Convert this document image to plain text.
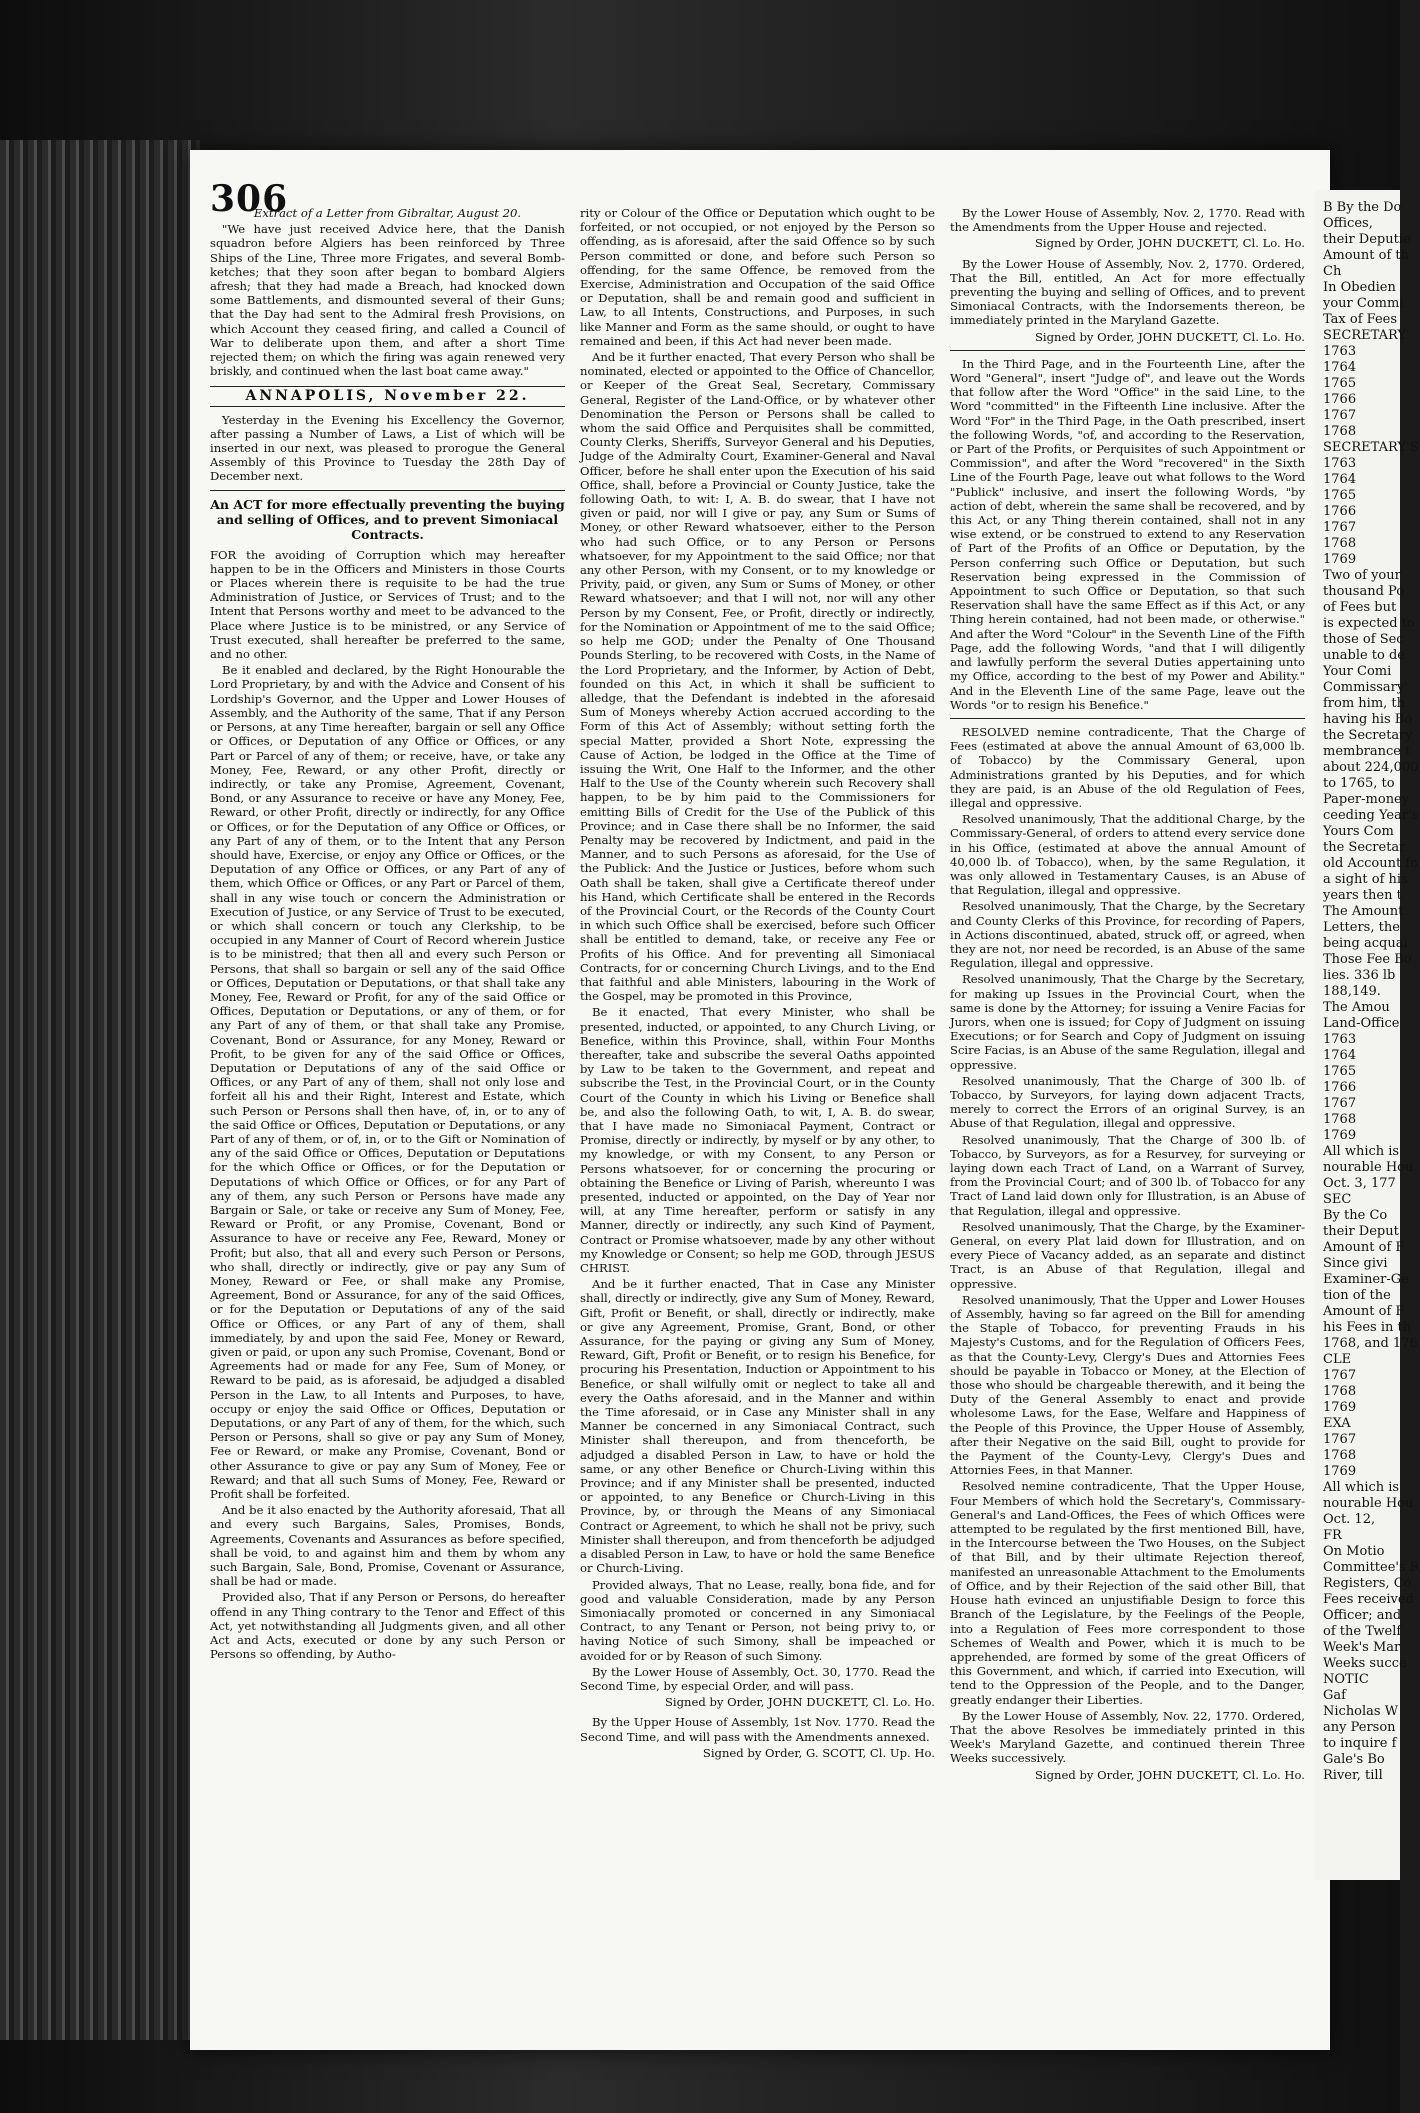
306

Extract of a Letter from Gibraltar, August 20.

"We have just received Advice here, that the Danish squadron before Algiers has been reinforced by Three Ships of the Line, Three more Frigates, and several Bomb-ketches; that they soon after began to bombard Algiers afresh; that they had made a Breach, had knocked down some Battlements, and dismounted several of their Guns; that the Day had sent to the Admiral fresh Provisions, on which Account they ceased firing, and called a Council of War to deliberate upon them, and after a short Time rejected them; on which the firing was again renewed very briskly, and continued when the last boat came away."

ANNAPOLIS, November 22.

Yesterday in the Evening his Excellency the Governor, after passing a Number of Laws, a List of which will be inserted in our next, was pleased to prorogue the General Assembly of this Province to Tuesday the 28th Day of December next.

An ACT for more effectually preventing the buying and selling of Offices, and to prevent Simoniacal Contracts.

FOR the avoiding of Corruption which may hereafter happen to be in the Officers and Ministers in those Courts or Places wherein there is requisite to be had the true Administration of Justice, or Services of Trust; and to the Intent that Persons worthy and meet to be advanced to the Place where Justice is to be ministred, or any Service of Trust executed, shall hereafter be preferred to the same, and no other.

Be it enabled and declared, by the Right Honourable the Lord Proprietary, by and with the Advice and Consent of his Lordship's Governor, and the Upper and Lower Houses of Assembly, and the Authority of the same, That if any Person or Persons, at any Time hereafter, bargain or sell any Office or Offices, or Deputation of any Office or Offices, or any Part or Parcel of any of them; or receive, have, or take any Money, Fee, Reward, or any other Profit, directly or indirectly, or take any Promise, Agreement, Covenant, Bond, or any Assurance to receive or have any Money, Fee, Reward, or other Profit, directly or indirectly, for any Office or Offices, or for the Deputation of any Office or Offices, or any Part of any of them, or to the Intent that any Person should have, Exercise, or enjoy any Office or Offices, or the Deputation of any Office or Offices, or any Part of any of them, which Office or Offices, or any Part or Parcel of them, shall in any wise touch or concern the Administration or Execution of Justice, or any Service of Trust to be executed, or which shall concern or touch any Clerkship, to be occupied in any Manner of Court of Record wherein Justice is to be ministred; that then all and every such Person or Persons, that shall so bargain or sell any of the said Office or Offices, Deputation or Deputations, or that shall take any Money, Fee, Reward or Profit, for any of the said Office or Offices, Deputation or Deputations, or any of them, or for any Part of any of them, or that shall take any Promise, Covenant, Bond or Assurance, for any Money, Reward or Profit, to be given for any of the said Office or Offices, Deputation or Deputations of any of the said Office or Offices, or any Part of any of them, shall not only lose and forfeit all his and their Right, Interest and Estate, which such Person or Persons shall then have, of, in, or to any of the said Office or Offices, Deputation or Deputations, or any Part of any of them, or of, in, or to the Gift or Nomination of any of the said Office or Offices, Deputation or Deputations for the which Office or Offices, or for the Deputation or Deputations of which Office or Offices, or for any Part of any of them, any such Person or Persons have made any Bargain or Sale, or take or receive any Sum of Money, Fee, Reward or Profit, or any Promise, Covenant, Bond or Assurance to have or receive any Fee, Reward, Money or Profit; but also, that all and every such Person or Persons, who shall, directly or indirectly, give or pay any Sum of Money, Reward or Fee, or shall make any Promise, Agreement, Bond or Assurance, for any of the said Offices, or for the Deputation or Deputations of any of the said Office or Offices, or any Part of any of them, shall immediately, by and upon the said Fee, Money or Reward, given or paid, or upon any such Promise, Covenant, Bond or Agreements had or made for any Fee, Sum of Money, or Reward to be paid, as is aforesaid, be adjudged a disabled Person in the Law, to all Intents and Purposes, to have, occupy or enjoy the said Office or Offices, Deputation or Deputations, or any Part of any of them, for the which, such Person or Persons, shall so give or pay any Sum of Money, Fee or Reward, or make any Promise, Covenant, Bond or other Assurance to give or pay any Sum of Money, Fee or Reward; and that all such Sums of Money, Fee, Reward or Profit shall be forfeited.

And be it also enacted by the Authority aforesaid, That all and every such Bargains, Sales, Promises, Bonds, Agreements, Covenants and Assurances as before specified, shall be void, to and against him and them by whom any such Bargain, Sale, Bond, Promise, Covenant or Assurance, shall be had or made.

Provided also, That if any Person or Persons, do hereafter offend in any Thing contrary to the Tenor and Effect of this Act, yet notwithstanding all Judgments given, and all other Act and Acts, executed or done by any such Person or Persons so offending, by Autho-

rity or Colour of the Office or Deputation which ought to be forfeited, or not occupied, or not enjoyed by the Person so offending, as is aforesaid, after the said Offence so by such Person committed or done, and before such Person so offending, for the same Offence, be removed from the Exercise, Administration and Occupation of the said Office or Deputation, shall be and remain good and sufficient in Law, to all Intents, Constructions, and Purposes, in such like Manner and Form as the same should, or ought to have remained and been, if this Act had never been made.

And be it further enacted, That every Person who shall be nominated, elected or appointed to the Office of Chancellor, or Keeper of the Great Seal, Secretary, Commissary General, Register of the Land-Office, or by whatever other Denomination the Person or Persons shall be called to whom the said Office and Perquisites shall be committed, County Clerks, Sheriffs, Surveyor General and his Deputies, Judge of the Admiralty Court, Examiner-General and Naval Officer, before he shall enter upon the Execution of his said Office, shall, before a Provincial or County Justice, take the following Oath, to wit: I, A. B. do swear, that I have not given or paid, nor will I give or pay, any Sum or Sums of Money, or other Reward whatsoever, either to the Person who had such Office, or to any Person or Persons whatsoever, for my Appointment to the said Office; nor that any other Person, with my Consent, or to my knowledge or Privity, paid, or given, any Sum or Sums of Money, or other Reward whatsoever; and that I will not, nor will any other Person by my Consent, Fee, or Profit, directly or indirectly, for the Nomination or Appointment of me to the said Office; so help me GOD; under the Penalty of One Thousand Pounds Sterling, to be recovered with Costs, in the Name of the Lord Proprietary, and the Informer, by Action of Debt, founded on this Act, in which it shall be sufficient to alledge, that the Defendant is indebted in the aforesaid Sum of Moneys whereby Action accrued according to the Form of this Act of Assembly; without setting forth the special Matter, provided a Short Note, expressing the Cause of Action, be lodged in the Office at the Time of issuing the Writ, One Half to the Informer, and the other Half to the Use of the County wherein such Recovery shall happen, to be by him paid to the Commissioners for emitting Bills of Credit for the Use of the Publick of this Province; and in Case there shall be no Informer, the said Penalty may be recovered by Indictment, and paid in the Manner, and to such Persons as aforesaid, for the Use of the Publick: And the Justice or Justices, before whom such Oath shall be taken, shall give a Certificate thereof under his Hand, which Certificate shall be entered in the Records of the Provincial Court, or the Records of the County Court in which such Office shall be exercised, before such Officer shall be entitled to demand, take, or receive any Fee or Profits of his Office. And for preventing all Simoniacal Contracts, for or concerning Church Livings, and to the End that faithful and able Ministers, labouring in the Work of the Gospel, may be promoted in this Province,

Be it enacted, That every Minister, who shall be presented, inducted, or appointed, to any Church Living, or Benefice, within this Province, shall, within Four Months thereafter, take and subscribe the several Oaths appointed by Law to be taken to the Government, and repeat and subscribe the Test, in the Provincial Court, or in the County Court of the County in which his Living or Benefice shall be, and also the following Oath, to wit, I, A. B. do swear, that I have made no Simoniacal Payment, Contract or Promise, directly or indirectly, by myself or by any other, to my knowledge, or with my Consent, to any Person or Persons whatsoever, for or concerning the procuring or obtaining the Benefice or Living of Parish, whereunto I was presented, inducted or appointed, on the Day of Year nor will, at any Time hereafter, perform or satisfy in any Manner, directly or indirectly, any such Kind of Payment, Contract or Promise whatsoever, made by any other without my Knowledge or Consent; so help me GOD, through JESUS CHRIST.

And be it further enacted, That in Case any Minister shall, directly or indirectly, give any Sum of Money, Reward, Gift, Profit or Benefit, or shall, directly or indirectly, make or give any Agreement, Promise, Grant, Bond, or other Assurance, for the paying or giving any Sum of Money, Reward, Gift, Profit or Benefit, or to resign his Benefice, for procuring his Presentation, Induction or Appointment to his Benefice, or shall wilfully omit or neglect to take all and every the Oaths aforesaid, and in the Manner and within the Time aforesaid, or in Case any Minister shall in any Manner be concerned in any Simoniacal Contract, such Minister shall thereupon, and from thenceforth, be adjudged a disabled Person in Law, to have or hold the same, or any other Benefice or Church-Living within this Province; and if any Minister shall be presented, inducted or appointed, to any Benefice or Church-Living in this Province, by, or through the Means of any Simoniacal Contract or Agreement, to which he shall not be privy, such Minister shall thereupon, and from thenceforth be adjudged a disabled Person in Law, to have or hold the same Benefice or Church-Living.

Provided always, That no Lease, really, bona fide, and for good and valuable Consideration, made by any Person Simoniacally promoted or concerned in any Simoniacal Contract, to any Tenant or Person, not being privy to, or having Notice of such Simony, shall be impeached or avoided for or by Reason of such Simony.

By the Lower House of Assembly, Oct. 30, 1770. Read the Second Time, by especial Order, and will pass.

Signed by Order, JOHN DUCKETT, Cl. Lo. Ho.

By the Upper House of Assembly, 1st Nov. 1770. Read the Second Time, and will pass with the Amendments annexed.

Signed by Order, G. SCOTT, Cl. Up. Ho.

By the Lower House of Assembly, Nov. 2, 1770. Read with the Amendments from the Upper House and rejected.

Signed by Order, JOHN DUCKETT, Cl. Lo. Ho.

By the Lower House of Assembly, Nov. 2, 1770. Ordered, That the Bill, entitled, An Act for more effectually preventing the buying and selling of Offices, and to prevent Simoniacal Contracts, with the Indorsements thereon, be immediately printed in the Maryland Gazette.

Signed by Order, JOHN DUCKETT, Cl. Lo. Ho.

In the Third Page, and in the Fourteenth Line, after the Word "General", insert "Judge of", and leave out the Words that follow after the Word "Office" in the said Line, to the Word "committed" in the Fifteenth Line inclusive. After the Word "For" in the Third Page, in the Oath prescribed, insert the following Words, "of, and according to the Reservation, or Part of the Profits, or Perquisites of such Appointment or Commission", and after the Word "recovered" in the Sixth Line of the Fourth Page, leave out what follows to the Word "Publick" inclusive, and insert the following Words, "by action of debt, wherein the same shall be recovered, and by this Act, or any Thing therein contained, shall not in any wise extend, or be construed to extend to any Reservation of Part of the Profits of an Office or Deputation, by the Person conferring such Office or Deputation, but such Reservation being expressed in the Commission of Appointment to such Office or Deputation, so that such Reservation shall have the same Effect as if this Act, or any Thing herein contained, had not been made, or otherwise." And after the Word "Colour" in the Seventh Line of the Fifth Page, add the following Words, "and that I will diligently and lawfully perform the several Duties appertaining unto my Office, according to the best of my Power and Ability." And in the Eleventh Line of the same Page, leave out the Words "or to resign his Benefice."

RESOLVED nemine contradicente, That the Charge of Fees (estimated at above the annual Amount of 63,000 lb. of Tobacco) by the Commissary General, upon Administrations granted by his Deputies, and for which they are paid, is an Abuse of the old Regulation of Fees, illegal and oppressive.

Resolved unanimously, That the additional Charge, by the Commissary-General, of orders to attend every service done in his Office, (estimated at above the annual Amount of 40,000 lb. of Tobacco), when, by the same Regulation, it was only allowed in Testamentary Causes, is an Abuse of that Regulation, illegal and oppressive.

Resolved unanimously, That the Charge, by the Secretary and County Clerks of this Province, for recording of Papers, in Actions discontinued, abated, struck off, or agreed, when they are not, nor need be recorded, is an Abuse of the same Regulation, illegal and oppressive.

Resolved unanimously, That the Charge by the Secretary, for making up Issues in the Provincial Court, when the same is done by the Attorney; for issuing a Venire Facias for Jurors, when one is issued; for Copy of Judgment on issuing Executions; or for Search and Copy of Judgment on issuing Scire Facias, is an Abuse of the same Regulation, illegal and oppressive.

Resolved unanimously, That the Charge of 300 lb. of Tobacco, by Surveyors, for laying down adjacent Tracts, merely to correct the Errors of an original Survey, is an Abuse of that Regulation, illegal and oppressive.

Resolved unanimously, That the Charge of 300 lb. of Tobacco, by Surveyors, as for a Resurvey, for surveying or laying down each Tract of Land, on a Warrant of Survey, from the Provincial Court; and of 300 lb. of Tobacco for any Tract of Land laid down only for Illustration, is an Abuse of that Regulation, illegal and oppressive.

Resolved unanimously, That the Charge, by the Examiner-General, on every Plat laid down for Illustration, and on every Piece of Vacancy added, as an separate and distinct Tract, is an Abuse of that Regulation, illegal and oppressive.

Resolved unanimously, That the Upper and Lower Houses of Assembly, having so far agreed on the Bill for amending the Staple of Tobacco, for preventing Frauds in his Majesty's Customs, and for the Regulation of Officers Fees, as that the County-Levy, Clergy's Dues and Attornies Fees should be payable in Tobacco or Money, at the Election of those who should be chargeable therewith, and it being the Duty of the General Assembly to enact and provide wholesome Laws, for the Ease, Welfare and Happiness of the People of this Province, the Upper House of Assembly, after their Negative on the said Bill, ought to provide for the Payment of the County-Levy, Clergy's Dues and Attornies Fees, in that Manner.

Resolved nemine contradicente, That the Upper House, Four Members of which hold the Secretary's, Commissary-General's and Land-Offices, the Fees of which Offices were attempted to be regulated by the first mentioned Bill, have, in the Intercourse between the Two Houses, on the Subject of that Bill, and by their ultimate Rejection thereof, manifested an unreasonable Attachment to the Emoluments of Office, and by their Rejection of the said other Bill, that House hath evinced an unjustifiable Design to force this Branch of the Legislature, by the Feelings of the People, into a Regulation of Fees more correspondent to those Schemes of Wealth and Power, which it is much to be apprehended, are formed by some of the great Officers of this Government, and which, if carried into Execution, will tend to the Oppression of the People, and to the Danger, greatly endanger their Liberties.

By the Lower House of Assembly, Nov. 22, 1770. Ordered, That the above Resolves be immediately printed in this Week's Maryland Gazette, and continued therein Three Weeks successively.

Signed by Order, JOHN DUCKETT, Cl. Lo. Ho.
B By the Do
Offices,
their Deputie
Amount of th
Ch
In Obedien
your Commi
Tax of Fees
SECRETARY'
1763
1764
1765
1766
1767
1768
SECRETARY'S
1763
1764
1765
1766
1767
1768
1769
Two of your
thousand Po
of Fees but
is expected to
those of Sec
unable to de
Your Comi
Commissary'
from him, th
having his Bo
the Secretary
membrance t
about 224,000
to 1765, to
Paper-money
ceeding Year's
Yours Com
the Secretar
old Account fo
a sight of his
years then t
The Amount
Letters, the
being acquai
Those Fee Bo
lies. 336 lb
188,149.
The Amou
Land-Office
1763
1764
1765
1766
1767
1768
1769
All which is
nourable Hou
Oct. 3, 177
SEC
By the Co
their Deput
Amount of F
Since givi
Examiner-Ge
tion of the
Amount of F
his Fees in th
1768, and 176
CLE
1767
1768
1769
EXA
1767
1768
1769
All which is
nourable Hou
Oct. 12,
FR
On Motio
Committee's R
Registers, Co
Fees received
Officer; and
of the Twelf
Week's Mar
Weeks succe
NOTIC
Gaf
Nicholas W
any Person
to inquire f
Gale's Bo
River, till
